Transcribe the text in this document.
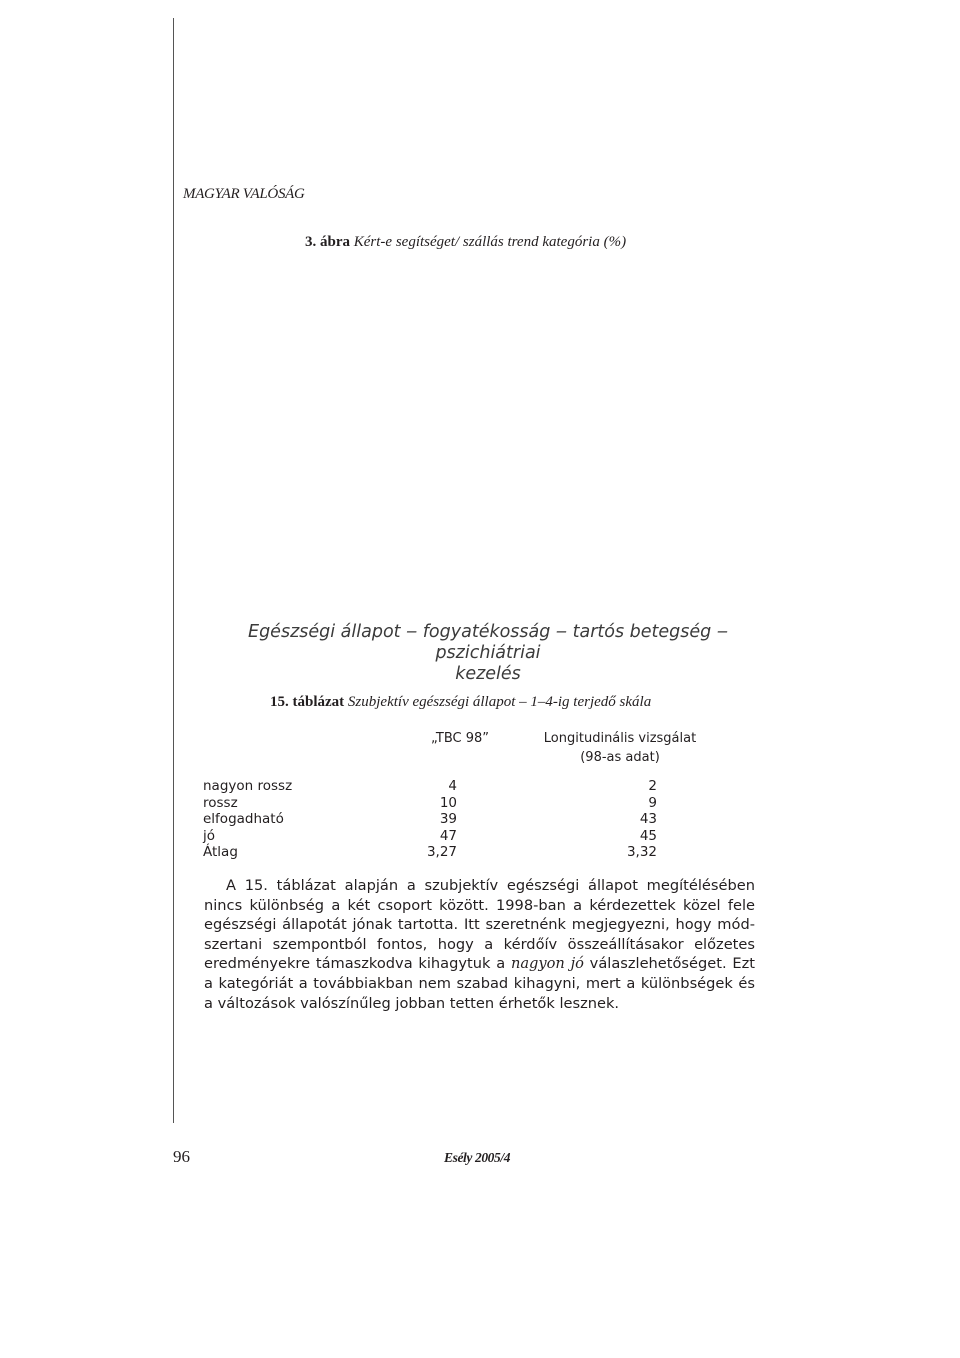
MAGYAR VALÓSÁG
3. ábra Kért-e segítséget/ szállás trend kategória (%)
Egészségi állapot ‒ fogyatékosság ‒ tartós betegség ‒ pszichiátriai
kezelés
15. táblázat Szubjektív egészségi állapot ‒ 1‒4-ig terjedő skála
„TBC 98”	Longitudinális vizsgálat
(98-as adat)
nagyon rossz	4	2
rossz	10	9
elfogadható	39	43
jó	47	45
Átlag	3,27	3,32

A 15. táblázat alapján a szubjektív egészségi állapot megítélésében nincs különbség a két csoport között. 1998-ban a kérdezettek közel fele egészségi állapotát jónak tartotta. Itt szeretnénk megjegyezni, hogy mód-szertani szempontból fontos, hogy a kérdőív összeállításakor előzetes eredményekre támaszkodva kihagytuk a nagyon jó válaszlehetőséget. Ezt a kategóriát a továbbiakban nem szabad kihagyni, mert a különbségek és a változások valószínűleg jobban tetten érhetők lesznek.

96	Esély 2005/4
